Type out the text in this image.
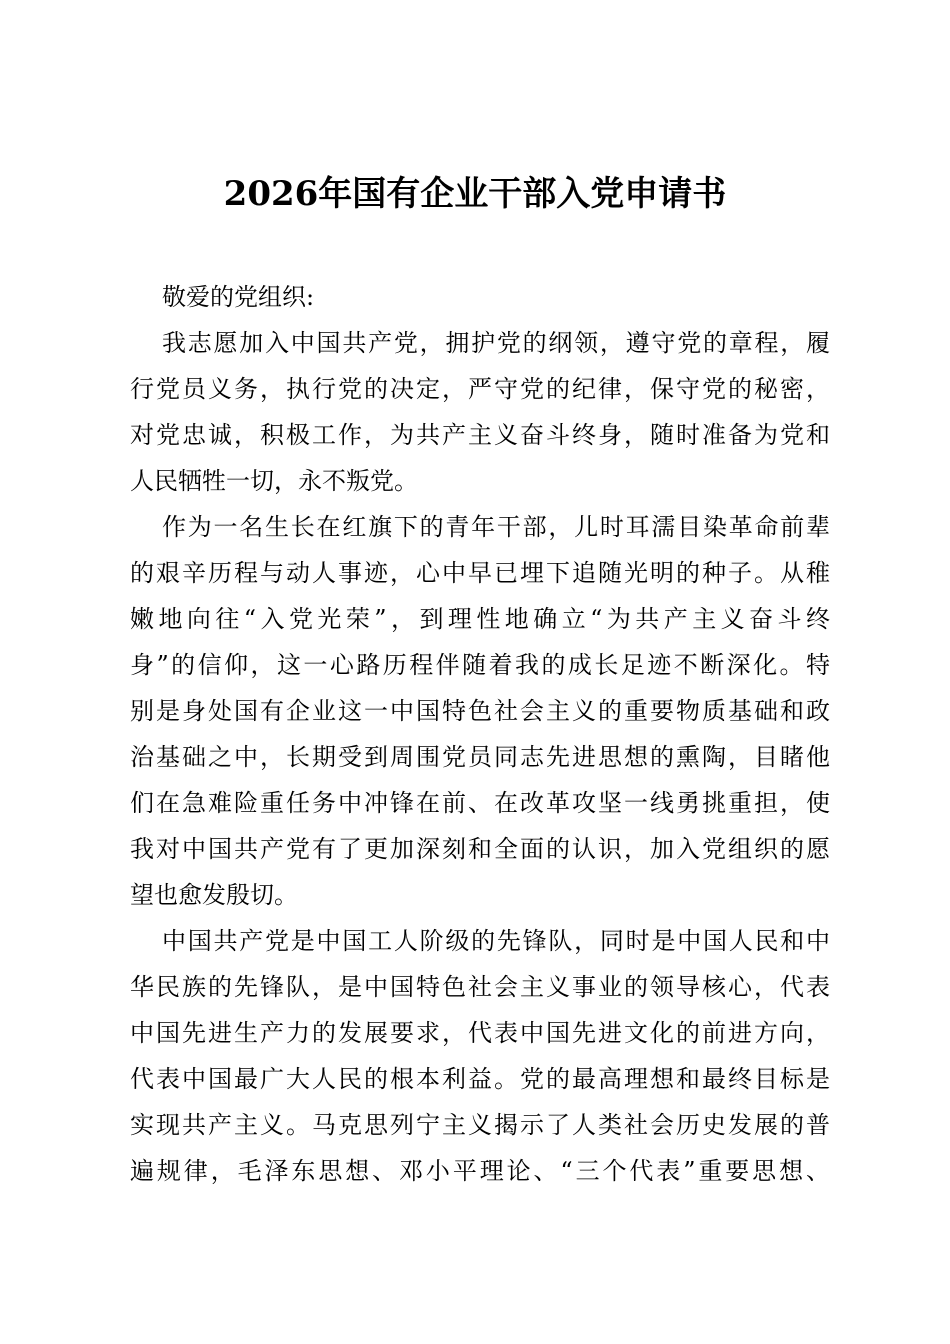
2026年国有企业干部入党申请书
敬爱的党组织:
我志愿加入中国共产党，拥护党的纲领，遵守党的章程，履
行党员义务，执行党的决定，严守党的纪律，保守党的秘密，
对党忠诚，积极工作，为共产主义奋斗终身，随时准备为党和
人民牺牲一切，永不叛党。
作为一名生长在红旗下的青年干部，儿时耳濡目染革命前辈
的艰辛历程与动人事迹，心中早已埋下追随光明的种子。从稚
嫩地向往“入党光荣”，到理性地确立“为共产主义奋斗终
身”的信仰，这一心路历程伴随着我的成长足迹不断深化。特
别是身处国有企业这一中国特色社会主义的重要物质基础和政
治基础之中，长期受到周围党员同志先进思想的熏陶，目睹他
们在急难险重任务中冲锋在前、在改革攻坚一线勇挑重担，使
我对中国共产党有了更加深刻和全面的认识，加入党组织的愿
望也愈发殷切。
中国共产党是中国工人阶级的先锋队，同时是中国人民和中
华民族的先锋队，是中国特色社会主义事业的领导核心，代表
中国先进生产力的发展要求，代表中国先进文化的前进方向，
代表中国最广大人民的根本利益。党的最高理想和最终目标是
实现共产主义。马克思列宁主义揭示了人类社会历史发展的普
遍规律，毛泽东思想、邓小平理论、“三个代表”重要思想、
